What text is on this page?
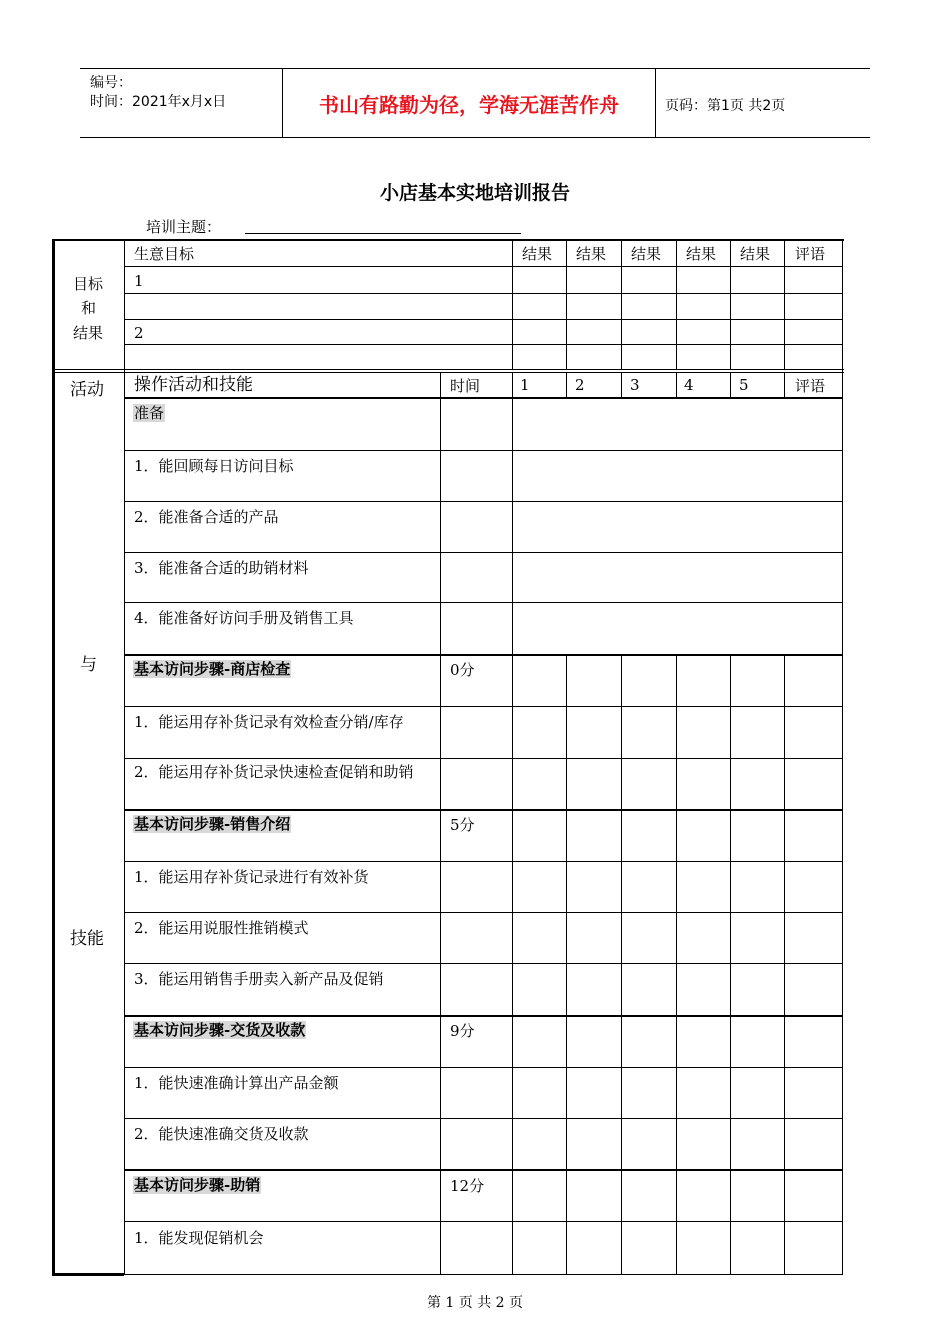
编号：
时间：2021年x月x日	书山有路勤为径，学海无涯苦作舟	页码：第1页 共2页
小店基本实地培训报告
培训主题：
目标
和
结果
生意目标	结果 结果 结果 结果 结果 评语
1
2
活动
与
技能
操作活动和技能	时间	1	2	3	4	5	评语
准备
1．能回顾每日访问目标
2．能准备合适的产品
3．能准备合适的助销材料
4．能准备好访问手册及销售工具
基本访问步骤-商店检查	0分
1．能运用存补货记录有效检查分销/库存
2．能运用存补货记录快速检查促销和助销
基本访问步骤-销售介绍	5分
1．能运用存补货记录进行有效补货
2．能运用说服性推销模式
3．能运用销售手册卖入新产品及促销
基本访问步骤-交货及收款	9分
1．能快速准确计算出产品金额
2．能快速准确交货及收款
基本访问步骤-助销	12分
1．能发现促销机会
第 1 页 共 2 页
